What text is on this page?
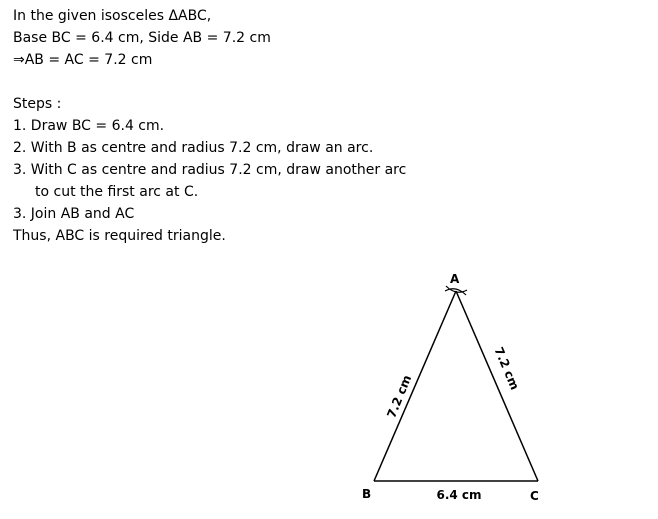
In the given isosceles ΔABC,
Base BC = 6.4 cm, Side AB = 7.2 cm
⇒AB = AC = 7.2 cm
Steps :
1. Draw BC = 6.4 cm.
2. With B as centre and radius 7.2 cm, draw an arc.
3. With C as centre and radius 7.2 cm, draw another arc
to cut the first arc at C.
3. Join AB and AC
Thus, ABC is required triangle.
A
B	C
7.2 cm
7.2 cm
6.4 cm
